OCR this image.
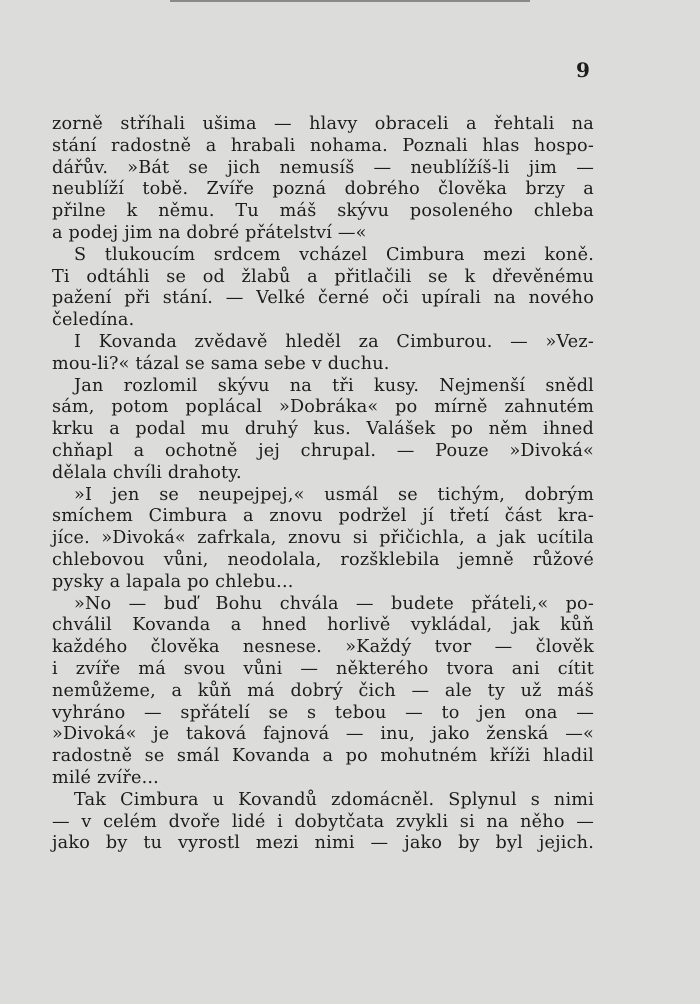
9
zorně stříhali ušima — hlavy obraceli a řehtali na
stání radostně a hrabali nohama. Poznali hlas hospo-
dářův. »Bát se jich nemusíš — neublížíš-li jim —
neublíží tobě. Zvíře pozná dobrého člověka brzy a
přilne k němu. Tu máš skývu posoleného chleba
a podej jim na dobré přátelství —«
S tlukoucím srdcem vcházel Cimbura mezi koně.
Ti odtáhli se od žlabů a přitlačili se k dřevěnému
pažení při stání. — Velké černé oči upírali na nového
čeledína.
I Kovanda zvědavě hleděl za Cimburou. — »Vez-
mou-li?« tázal se sama sebe v duchu.
Jan rozlomil skývu na tři kusy. Nejmenší snědl
sám, potom poplácal »Dobráka« po mírně zahnutém
krku a podal mu druhý kus. Valášek po něm ihned
chňapl a ochotně jej chrupal. — Pouze »Divoká«
dělala chvíli drahoty.
»I jen se neupejpej,« usmál se tichým, dobrým
smíchem Cimbura a znovu podržel jí třetí část kra-
jíce. »Divoká« zafrkala, znovu si přičichla, a jak ucítila
chlebovou vůni, neodolala, rozšklebila jemně růžové
pysky a lapala po chlebu...
»No — buď Bohu chvála — budete přáteli,« po-
chválil Kovanda a hned horlivě vykládal, jak kůň
každého člověka nesnese. »Každý tvor — člověk
i zvíře má svou vůni — některého tvora ani cítit
nemůžeme, a kůň má dobrý čich — ale ty už máš
vyhráno — spřátelí se s tebou — to jen ona —
»Divoká« je taková fajnová — inu, jako ženská —«
radostně se smál Kovanda a po mohutném kříži hladil
milé zvíře...
Tak Cimbura u Kovandů zdomácněl. Splynul s nimi
— v celém dvoře lidé i dobytčata zvykli si na něho —
jako by tu vyrostl mezi nimi — jako by byl jejich.
